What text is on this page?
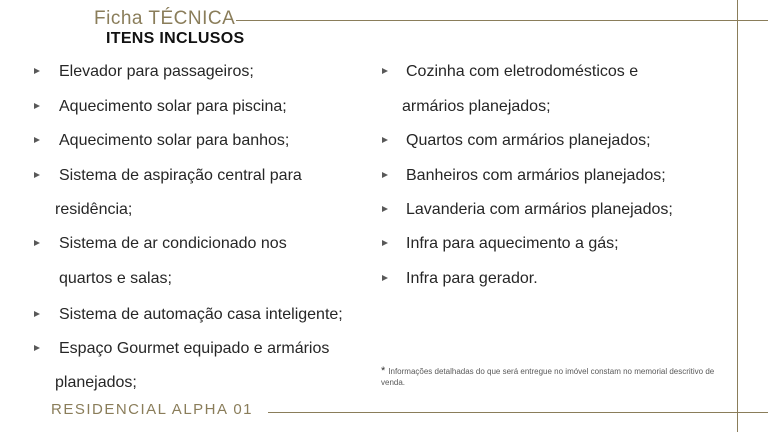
Ficha TÉCNICA
ITENS INCLUSOS
Elevador para passageiros;
Aquecimento solar para piscina;
Aquecimento solar para banhos;
Sistema de aspiração central para
residência;
Sistema de ar condicionado nos
quartos e salas;
Sistema de automação casa inteligente;
Espaço Gourmet equipado e armários
planejados;
Cozinha com eletrodomésticos e
armários planejados;
Quartos com armários planejados;
Banheiros com armários planejados;
Lavanderia com armários planejados;
Infra para aquecimento a gás;
Infra para gerador.
* Informações detalhadas do que será entregue no imóvel constam no memorial descritivo de venda.
RESIDENCIAL ALPHA 01
